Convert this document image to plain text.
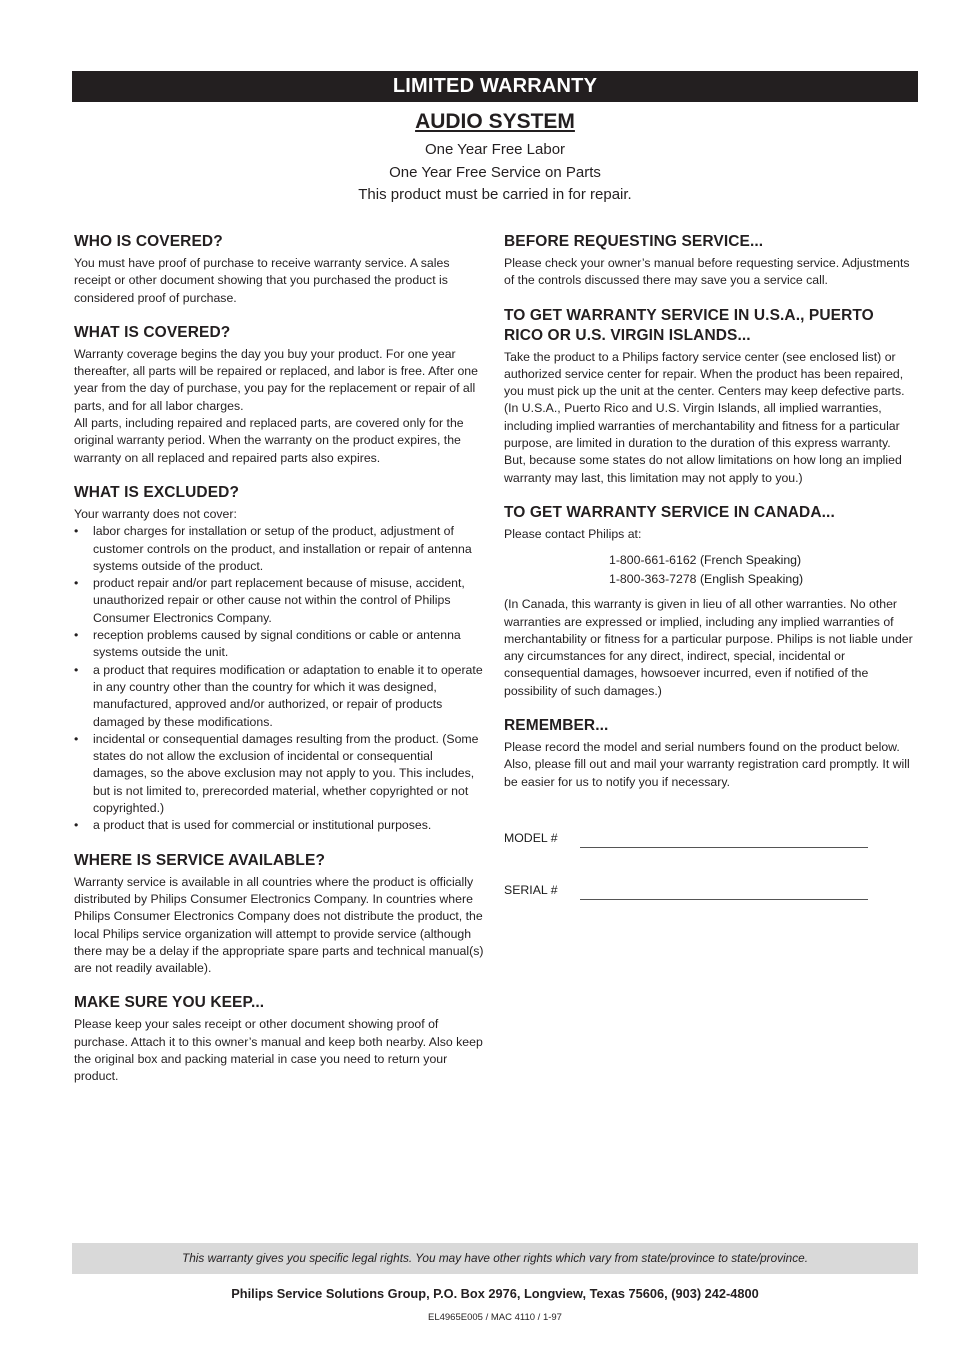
LIMITED WARRANTY
AUDIO SYSTEM
One Year Free Labor
One Year Free Service on Parts
This product must be carried in for repair.
WHO IS COVERED?

You must have proof of purchase to receive warranty service. A sales receipt or other document showing that you purchased the product is considered proof of purchase.

WHAT IS COVERED?

Warranty coverage begins the day you buy your product. For one year thereafter, all parts will be repaired or replaced, and labor is free. After one year from the day of purchase, you pay for the replacement or repair of all parts, and for all labor charges.

All parts, including repaired and replaced parts, are covered only for the original warranty period. When the warranty on the product expires, the warranty on all replaced and repaired parts also expires.

WHAT IS EXCLUDED?

Your warranty does not cover:

• labor charges for installation or setup of the product, adjustment of customer controls on the product, and installation or repair of antenna systems outside of the product.
• product repair and/or part replacement because of misuse, accident, unauthorized repair or other cause not within the control of Philips Consumer Electronics Company.
• reception problems caused by signal conditions or cable or antenna systems outside the unit.
• a product that requires modification or adaptation to enable it to operate in any country other than the country for which it was designed, manufactured, approved and/or authorized, or repair of products damaged by these modifications.
• incidental or consequential damages resulting from the product. (Some states do not allow the exclusion of incidental or consequential damages, so the above exclusion may not apply to you. This includes, but is not limited to, prerecorded material, whether copyrighted or not copyrighted.)
• a product that is used for commercial or institutional purposes.
WHERE IS SERVICE AVAILABLE?

Warranty service is available in all countries where the product is officially distributed by Philips Consumer Electronics Company. In countries where Philips Consumer Electronics Company does not distribute the product, the local Philips service organization will attempt to provide service (although there may be a delay if the appropriate spare parts and technical manual(s) are not readily available).

MAKE SURE YOU KEEP...

Please keep your sales receipt or other document showing proof of purchase. Attach it to this owner’s manual and keep both nearby. Also keep the original box and packing material in case you need to return your product.

BEFORE REQUESTING SERVICE...

Please check your owner’s manual before requesting service. Adjustments of the controls discussed there may save you a service call.

TO GET WARRANTY SERVICE IN U.S.A., PUERTO RICO OR U.S. VIRGIN ISLANDS...

Take the product to a Philips factory service center (see enclosed list) or authorized service center for repair. When the product has been repaired, you must pick up the unit at the center. Centers may keep defective parts. (In U.S.A., Puerto Rico and U.S. Virgin Islands, all implied warranties, including implied warranties of merchantability and fitness for a particular purpose, are limited in duration to the duration of this express warranty. But, because some states do not allow limitations on how long an implied warranty may last, this limitation may not apply to you.)

TO GET WARRANTY SERVICE IN CANADA...

Please contact Philips at:

1-800-661-6162 (French Speaking)
1-800-363-7278 (English Speaking)

(In Canada, this warranty is given in lieu of all other warranties. No other warranties are expressed or implied, including any implied warranties of merchantability or fitness for a particular purpose. Philips is not liable under any circumstances for any direct, indirect, special, incidental or consequential damages, howsoever incurred, even if notified of the possibility of such damages.)

REMEMBER...

Please record the model and serial numbers found on the product below. Also, please fill out and mail your warranty registration card promptly. It will be easier for us to notify you if necessary.

MODEL #
SERIAL #
This warranty gives you specific legal rights. You may have other rights which vary from state/province to state/province.
Philips Service Solutions Group, P.O. Box 2976, Longview, Texas 75606, (903) 242-4800
EL4965E005 / MAC 4110 / 1-97
